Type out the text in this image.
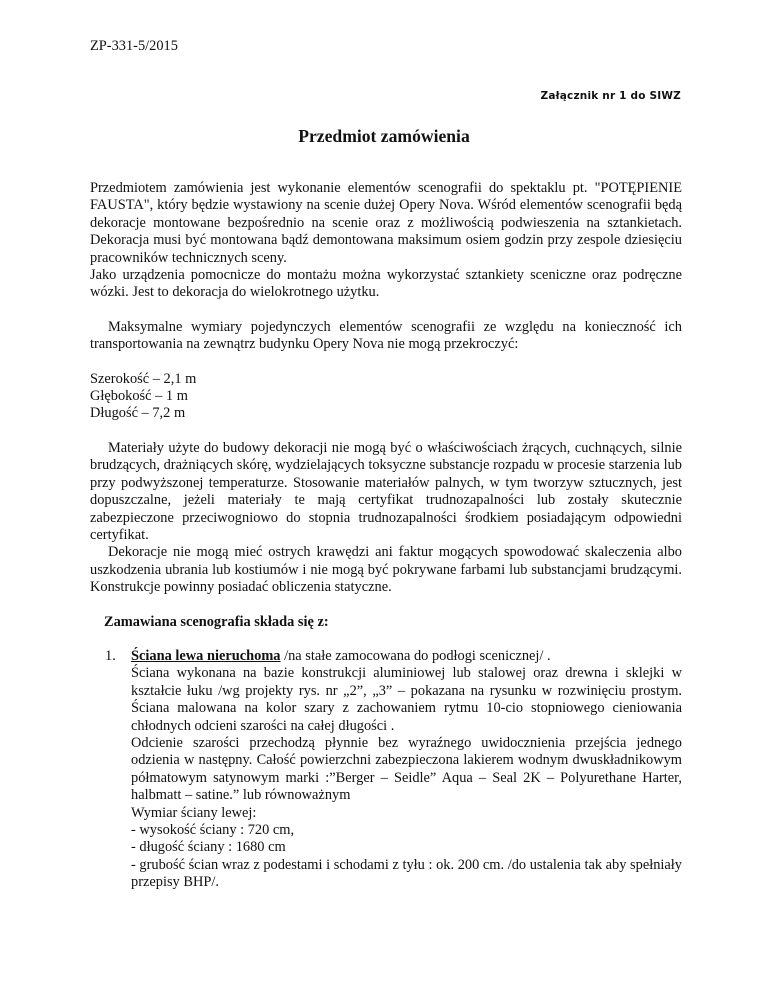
ZP-331-5/2015
Załącznik nr 1 do SIWZ
Przedmiot zamówienia

Przedmiotem zamówienia jest wykonanie elementów scenografii do spektaklu pt. "POTĘPIENIE FAUSTA", który będzie wystawiony na scenie dużej Opery Nova. Wśród elementów scenografii będą dekoracje montowane bezpośrednio na scenie oraz z możliwością podwieszenia na sztankietach. Dekoracja musi być montowana bądź demontowana maksimum osiem godzin przy zespole dziesięciu pracowników technicznych sceny.

Jako urządzenia pomocnicze do montażu można wykorzystać sztankiety sceniczne oraz podręczne wózki. Jest to dekoracja do wielokrotnego użytku.

Maksymalne wymiary pojedynczych elementów scenografii ze względu na konieczność ich transportowania na zewnątrz budynku Opery Nova nie mogą przekroczyć:

Szerokość – 2,1 m

Głębokość – 1 m

Długość – 7,2 m

Materiały użyte do budowy dekoracji nie mogą być o właściwościach żrących, cuchnących, silnie brudzących, drażniących skórę, wydzielających toksyczne substancje rozpadu w procesie starzenia lub przy podwyższonej temperaturze. Stosowanie materiałów palnych, w tym tworzyw sztucznych, jest dopuszczalne, jeżeli materiały te mają certyfikat trudnozapalności lub zostały skutecznie zabezpieczone przeciwogniowo do stopnia trudnozapalności środkiem posiadającym odpowiedni certyfikat.

Dekoracje nie mogą mieć ostrych krawędzi ani faktur mogących spowodować skaleczenia albo uszkodzenia ubrania lub kostiumów i nie mogą być pokrywane farbami lub substancjami brudzącymi. Konstrukcje powinny posiadać obliczenia statyczne.

Zamawiana scenografia składa się z:

1. Ściana lewa nieruchoma /na stałe zamocowana do podłogi scenicznej/ .

Ściana wykonana na bazie konstrukcji aluminiowej lub stalowej oraz drewna i sklejki w kształcie łuku /wg projekty rys. nr „2”, „3” – pokazana na rysunku w rozwinięciu prostym. Ściana malowana na kolor szary z zachowaniem rytmu 10-cio stopniowego cieniowania chłodnych odcieni szarości na całej długości .

Odcienie szarości przechodzą płynnie bez wyraźnego uwidocznienia przejścia jednego odzienia w następny. Całość powierzchni zabezpieczona lakierem wodnym dwuskładnikowym półmatowym satynowym marki :”Berger – Seidle” Aqua – Seal 2K – Polyurethane Harter, halbmatt – satine.” lub równoważnym

Wymiar ściany lewej:

- wysokość ściany : 720 cm,

- długość ściany : 1680 cm

- grubość ścian wraz z podestami i schodami z tyłu : ok. 200 cm. /do ustalenia tak aby spełniały przepisy BHP/.
